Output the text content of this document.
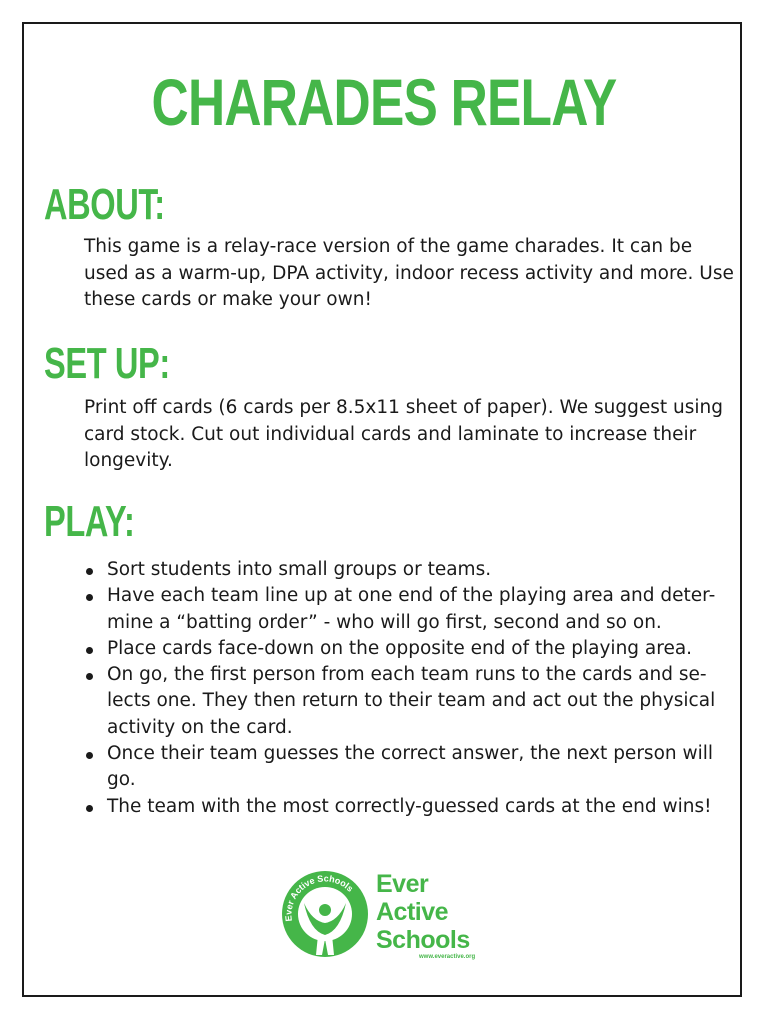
CHARADES RELAY
ABOUT:

This game is a relay-race version of the game charades. It can be used as a warm-up, DPA activity, indoor recess activity and more. Use these cards or make your own!

SET UP:

Print off cards (6 cards per 8.5x11 sheet of paper). We suggest using card stock. Cut out individual cards and laminate to increase their longevity.

PLAY:
Sort students into small groups or teams.
Have each team line up at one end of the playing area and deter-mine a “batting order” - who will go first, second and so on.
Place cards face-down on the opposite end of the playing area.
On go, the first person from each team runs to the cards and se-lects one. They then return to their team and act out the physical activity on the card.
Once their team guesses the correct answer, the next person will go.
The team with the most correctly-guessed cards at the end wins!
Ever Active Schools Ever
Active
Schools
www.everactive.org
